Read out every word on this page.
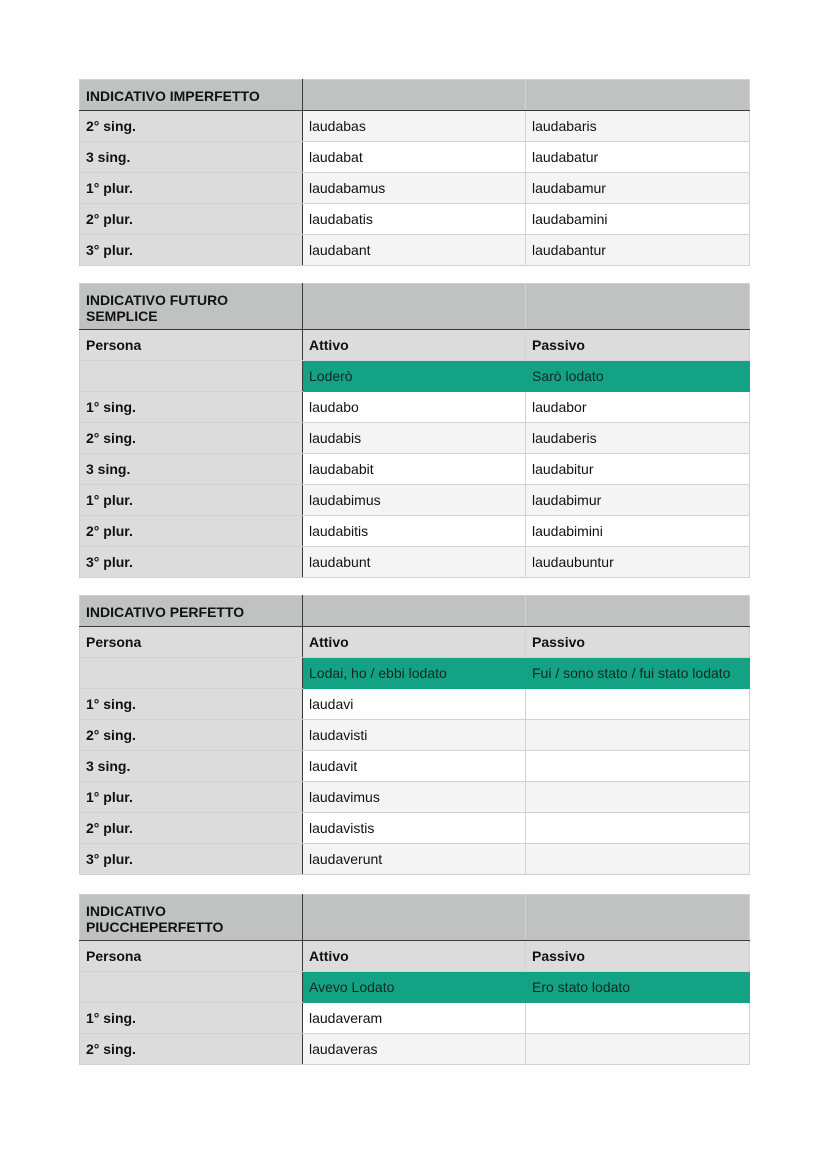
INDICATIVO IMPERFETTO		
2° sing.	laudabas	laudabaris
3 sing.	laudabat	laudabatur
1° plur.	laudabamus	laudabamur
2° plur.	laudabatis	laudabamini
3° plur.	laudabant	laudabantur
INDICATIVO FUTURO SEMPLICE		
Persona	Attivo	Passivo
	Loderò	Sarò lodato
1° sing.	laudabo	laudabor
2° sing.	laudabis	laudaberis
3 sing.	laudababit	laudabitur
1° plur.	laudabimus	laudabimur
2° plur.	laudabitis	laudabimini
3° plur.	laudabunt	laudaubuntur
INDICATIVO PERFETTO		
Persona	Attivo	Passivo
	Lodai, ho / ebbi lodato	Fui / sono stato / fui stato lodato
1° sing.	laudavi	
2° sing.	laudavisti	
3 sing.	laudavit	
1° plur.	laudavimus	
2° plur.	laudavistis	
3° plur.	laudaverunt	
INDICATIVO PIUCCHEPERFETTO		
Persona	Attivo	Passivo
	Avevo Lodato	Ero stato lodato
1° sing.	laudaveram	
2° sing.	laudaveras	
